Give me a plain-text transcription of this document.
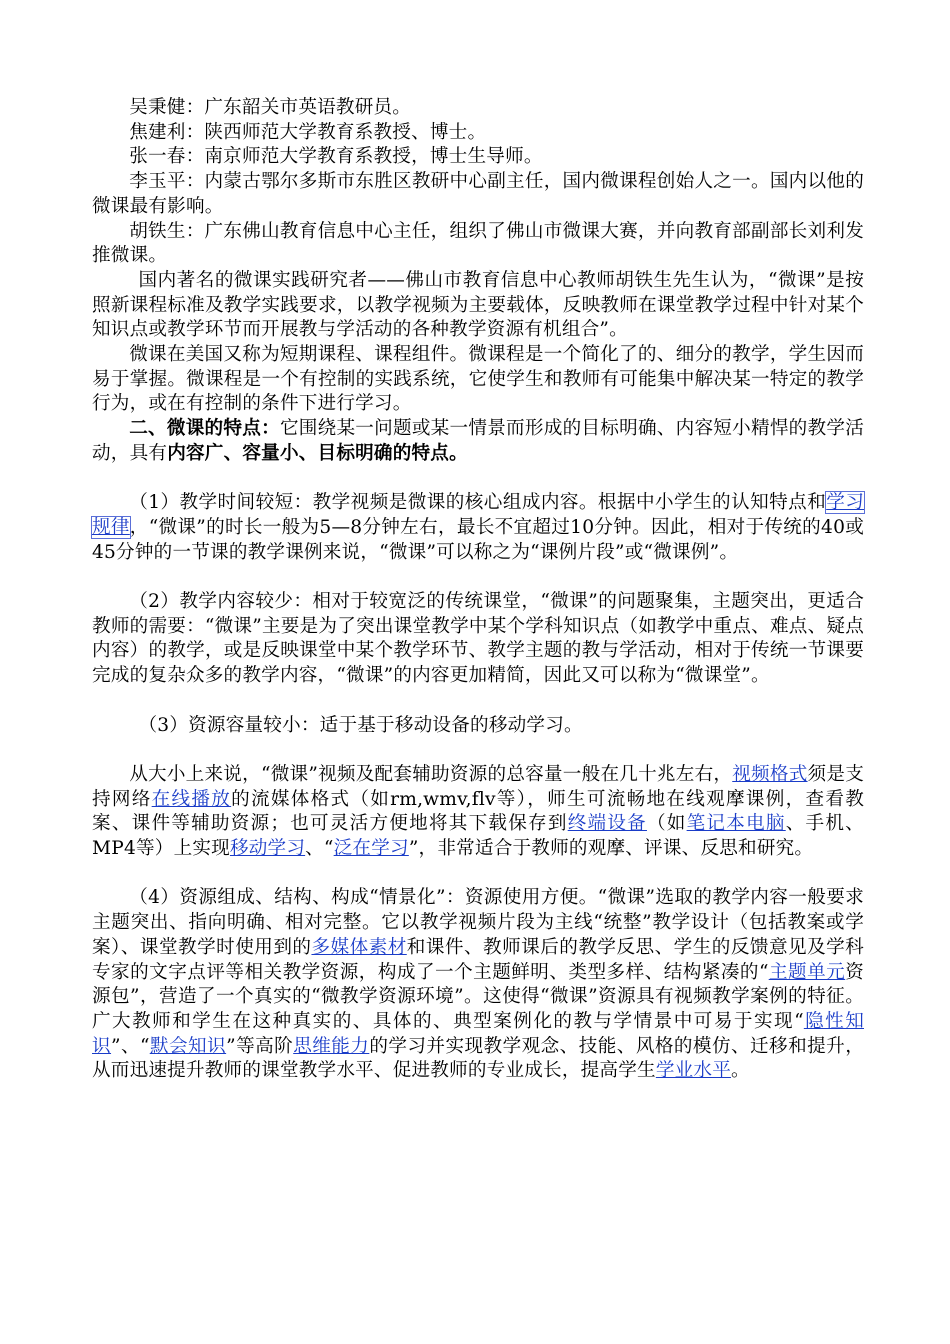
吴秉健：广东韶关市英语教研员。

焦建利：陕西师范大学教育系教授、博士。

张一春：南京师范大学教育系教授，博士生导师。

李玉平：内蒙古鄂尔多斯市东胜区教研中心副主任，国内微课程创始人之一。国内以他的微课最有影响。

胡铁生：广东佛山教育信息中心主任，组织了佛山市微课大赛，并向教育部副部长刘利发推微课。

国内著名的微课实践研究者——佛山市教育信息中心教师胡铁生先生认为，“微课”是按照新课程标准及教学实践要求，以教学视频为主要载体，反映教师在课堂教学过程中针对某个知识点或教学环节而开展教与学活动的各种教学资源有机组合”。

微课在美国又称为短期课程、课程组件。微课程是一个简化了的、细分的教学，学生因而易于掌握。微课程是一个有控制的实践系统，它使学生和教师有可能集中解决某一特定的教学行为，或在有控制的条件下进行学习。

二、微课的特点：它围绕某一问题或某一情景而形成的目标明确、内容短小精悍的教学活动，具有内容广、容量小、目标明确的特点。

（1）教学时间较短：教学视频是微课的核心组成内容。根据中小学生的认知特点和学习规律，“微课”的时长一般为5—8分钟左右，最长不宜超过10分钟。因此，相对于传统的40或45分钟的一节课的教学课例来说，“微课”可以称之为“课例片段”或“微课例”。

（2）教学内容较少：相对于较宽泛的传统课堂，“微课”的问题聚集，主题突出，更适合教师的需要：“微课”主要是为了突出课堂教学中某个学科知识点（如教学中重点、难点、疑点内容）的教学，或是反映课堂中某个教学环节、教学主题的教与学活动，相对于传统一节课要完成的复杂众多的教学内容，“微课”的内容更加精简，因此又可以称为“微课堂”。

（3）资源容量较小：适于基于移动设备的移动学习。

从大小上来说，“微课”视频及配套辅助资源的总容量一般在几十兆左右，视频格式须是支持网络在线播放的流媒体格式（如rm,wmv,flv等），师生可流畅地在线观摩课例，查看教案、课件等辅助资源；也可灵活方便地将其下载保存到终端设备（如笔记本电脑、手机、MP4等）上实现移动学习、“泛在学习”，非常适合于教师的观摩、评课、反思和研究。

（4）资源组成、结构、构成“情景化”：资源使用方便。“微课”选取的教学内容一般要求主题突出、指向明确、相对完整。它以教学视频片段为主线“统整”教学设计（包括教案或学案）、课堂教学时使用到的多媒体素材和课件、教师课后的教学反思、学生的反馈意见及学科专家的文字点评等相关教学资源，构成了一个主题鲜明、类型多样、结构紧凑的“主题单元资源包”，营造了一个真实的“微教学资源环境”。这使得“微课”资源具有视频教学案例的特征。广大教师和学生在这种真实的、具体的、典型案例化的教与学情景中可易于实现“隐性知识”、“默会知识”等高阶思维能力的学习并实现教学观念、技能、风格的模仿、迁移和提升，从而迅速提升教师的课堂教学水平、促进教师的专业成长，提高学生学业水平。
